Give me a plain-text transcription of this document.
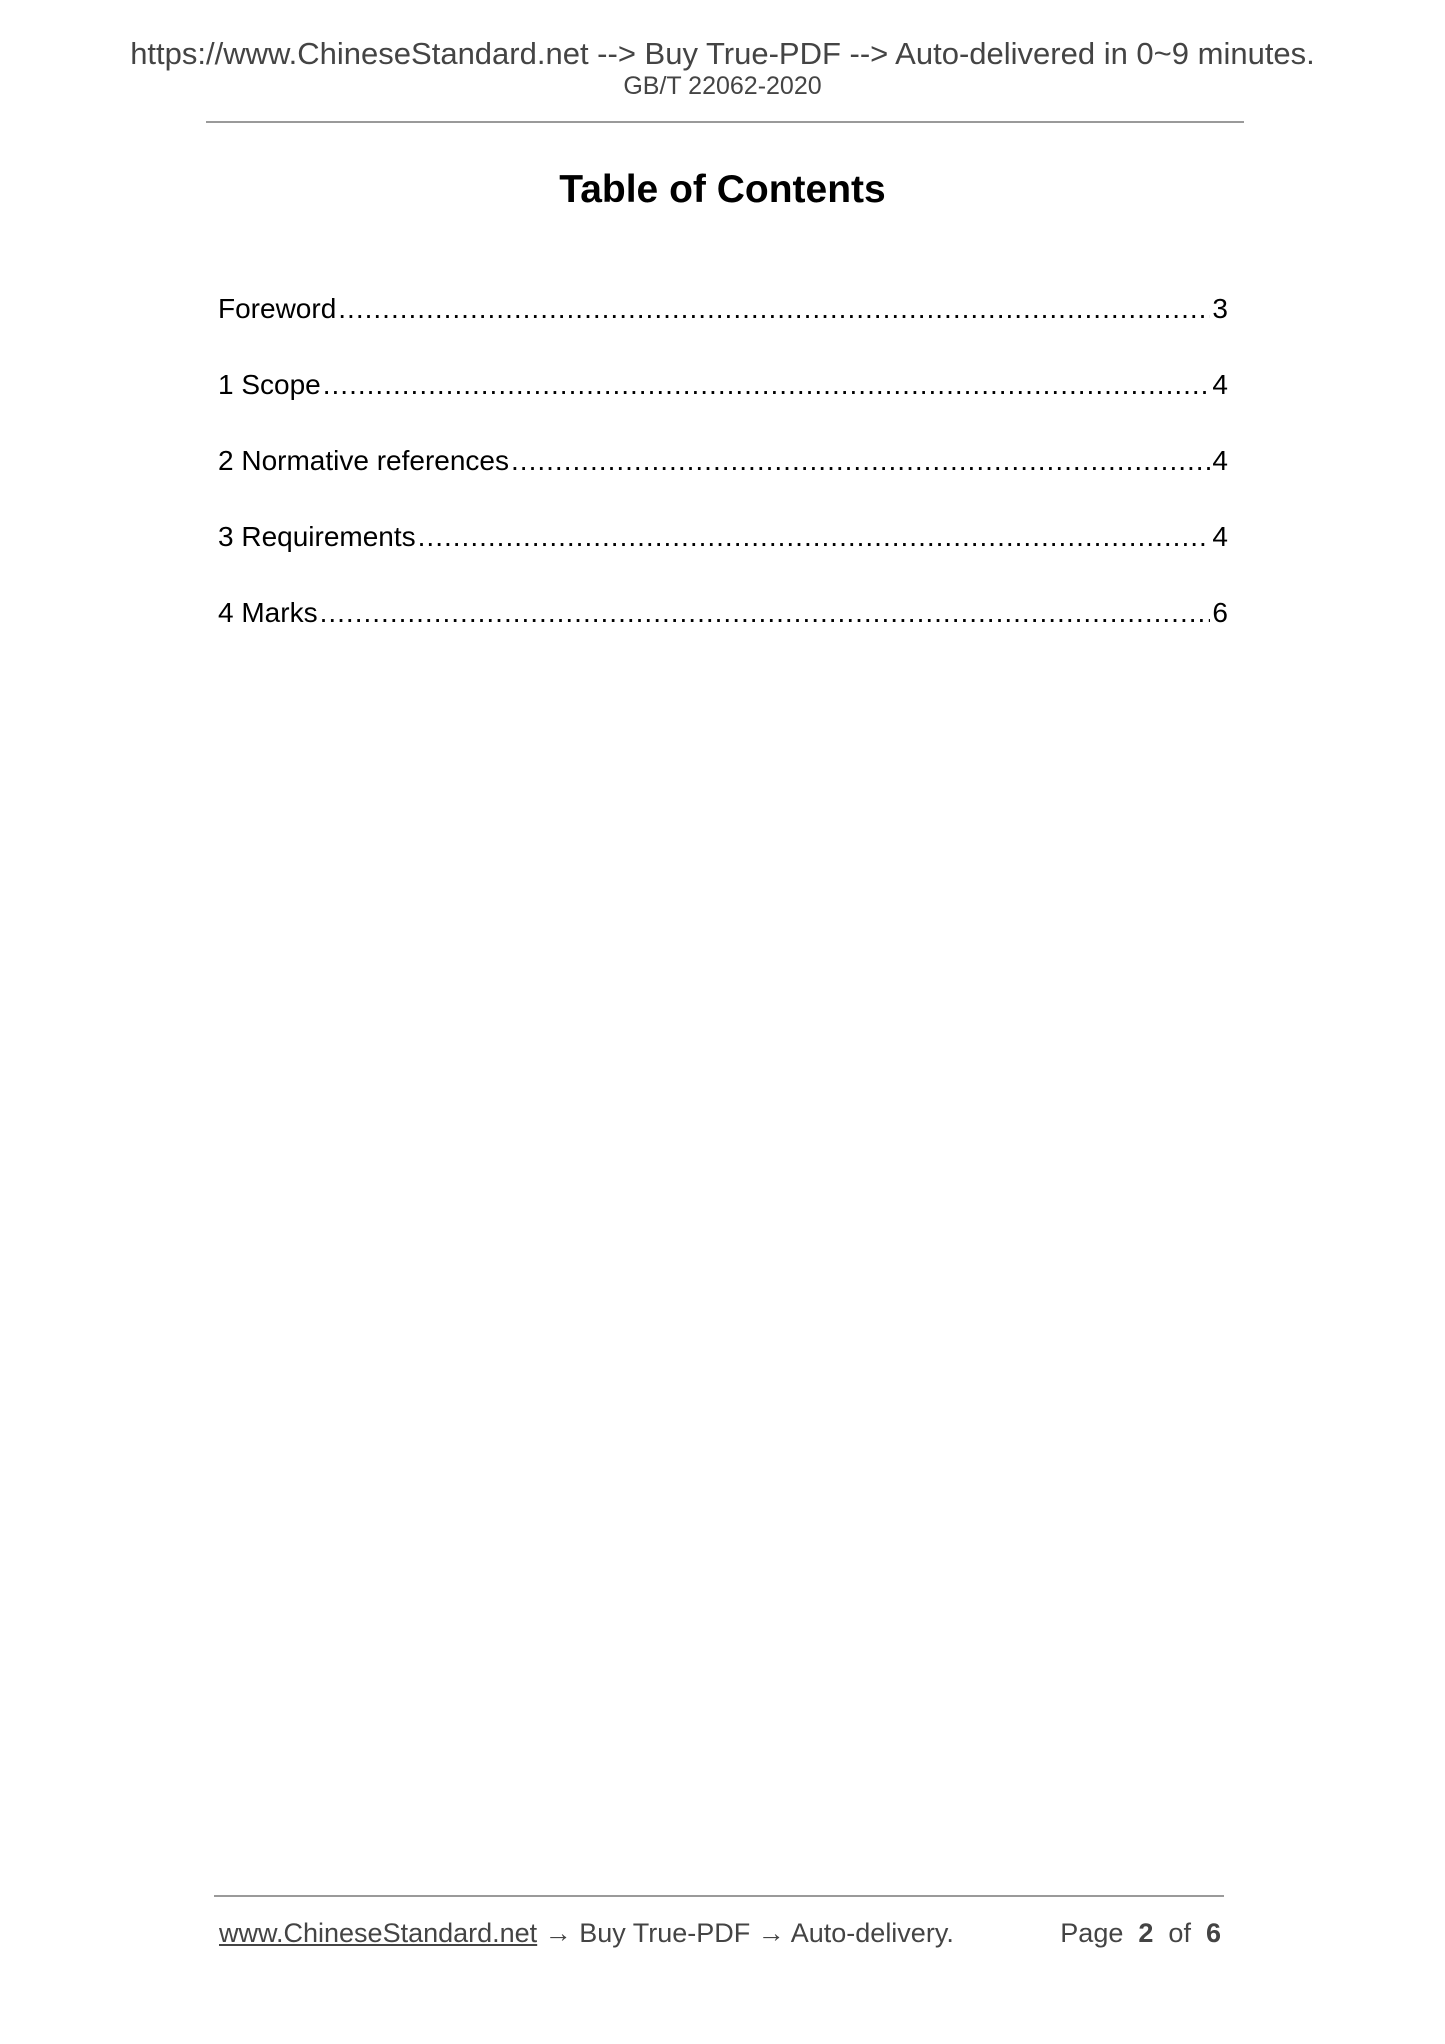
https://www.ChineseStandard.net --> Buy True-PDF --> Auto-delivered in 0~9 minutes.
GB/T 22062-2020
Table of Contents
Foreword .....	3
1 Scope .....	4
2 Normative references .....	4
3 Requirements .....	4
4 Marks .....	6
www.ChineseStandard.net → Buy True-PDF → Auto-delivery.	Page 2 of 6
